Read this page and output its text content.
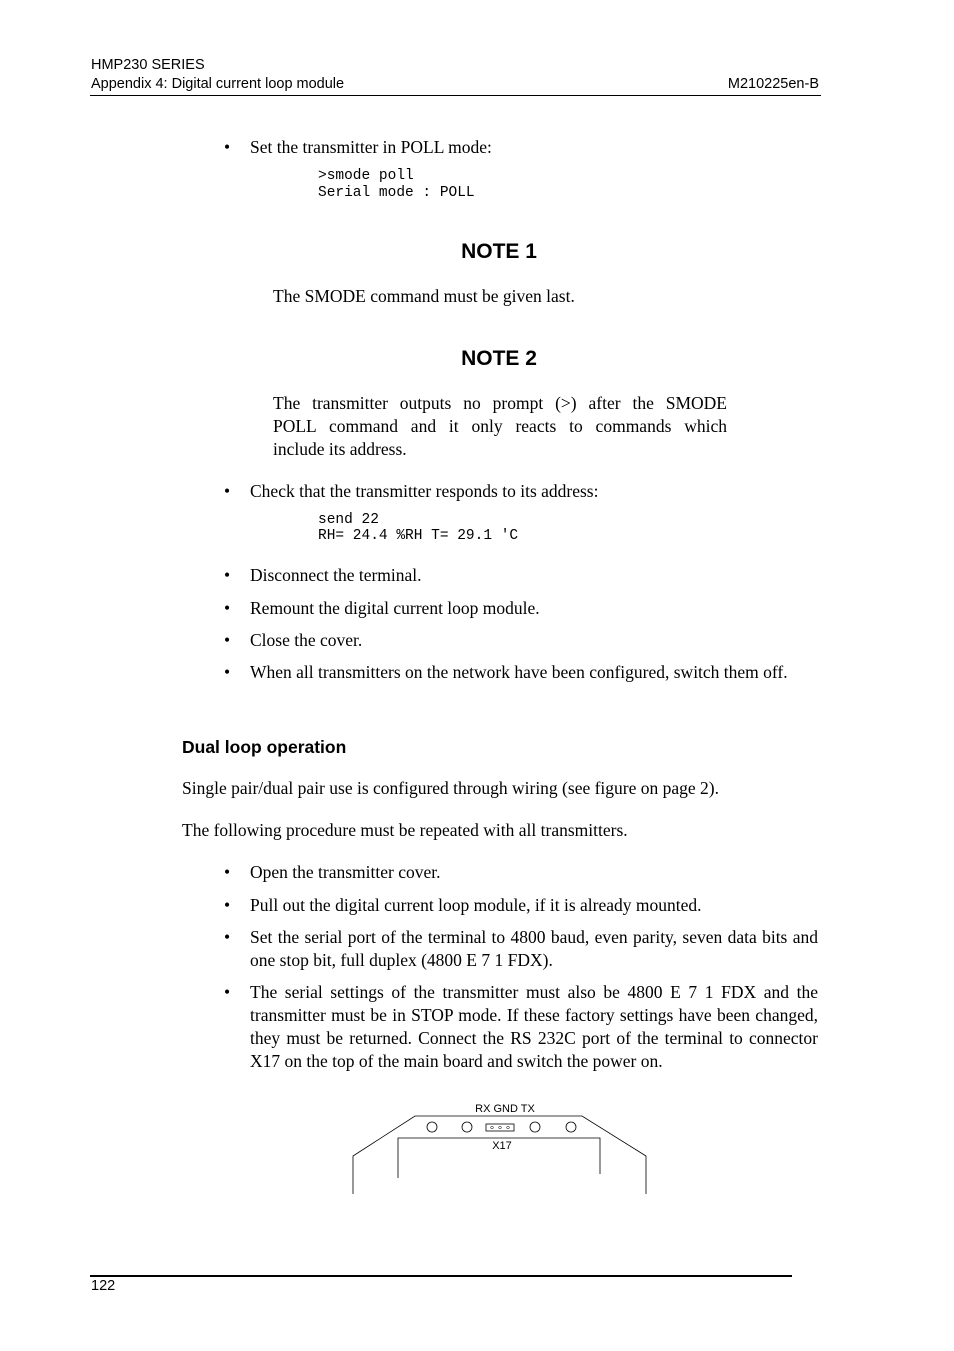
HMP230 SERIES
Appendix 4: Digital current loop module	M210225en-B
• Set the transmitter in POLL mode:
>smode poll
Serial mode : POLL
NOTE 1
The SMODE command must be given last.
NOTE 2
The transmitter outputs no prompt (>) after the SMODE
POLL command and it only reacts to commands which
include its address.
• Check that the transmitter responds to its address:
send 22
RH= 24.4 %RH T= 29.1 'C
• Disconnect the terminal.
• Remount the digital current loop module.
• Close the cover.
• When all transmitters on the network have been configured, switch them off.
Dual loop operation
Single pair/dual pair use is configured through wiring (see figure on page 2).
The following procedure must be repeated with all transmitters.
• Open the transmitter cover.
• Pull out the digital current loop module, if it is already mounted.
• Set the serial port of the terminal to 4800 baud, even parity, seven data bits and one stop bit, full duplex (4800 E 7 1 FDX).
• The serial settings of the transmitter must also be 4800 E 7 1 FDX and the transmitter must be in STOP mode. If these factory settings have been changed, they must be returned. Connect the RS 232C port of the terminal to connector X17 on the top of the main board and switch the power on.
RX GND TX
X17
122
